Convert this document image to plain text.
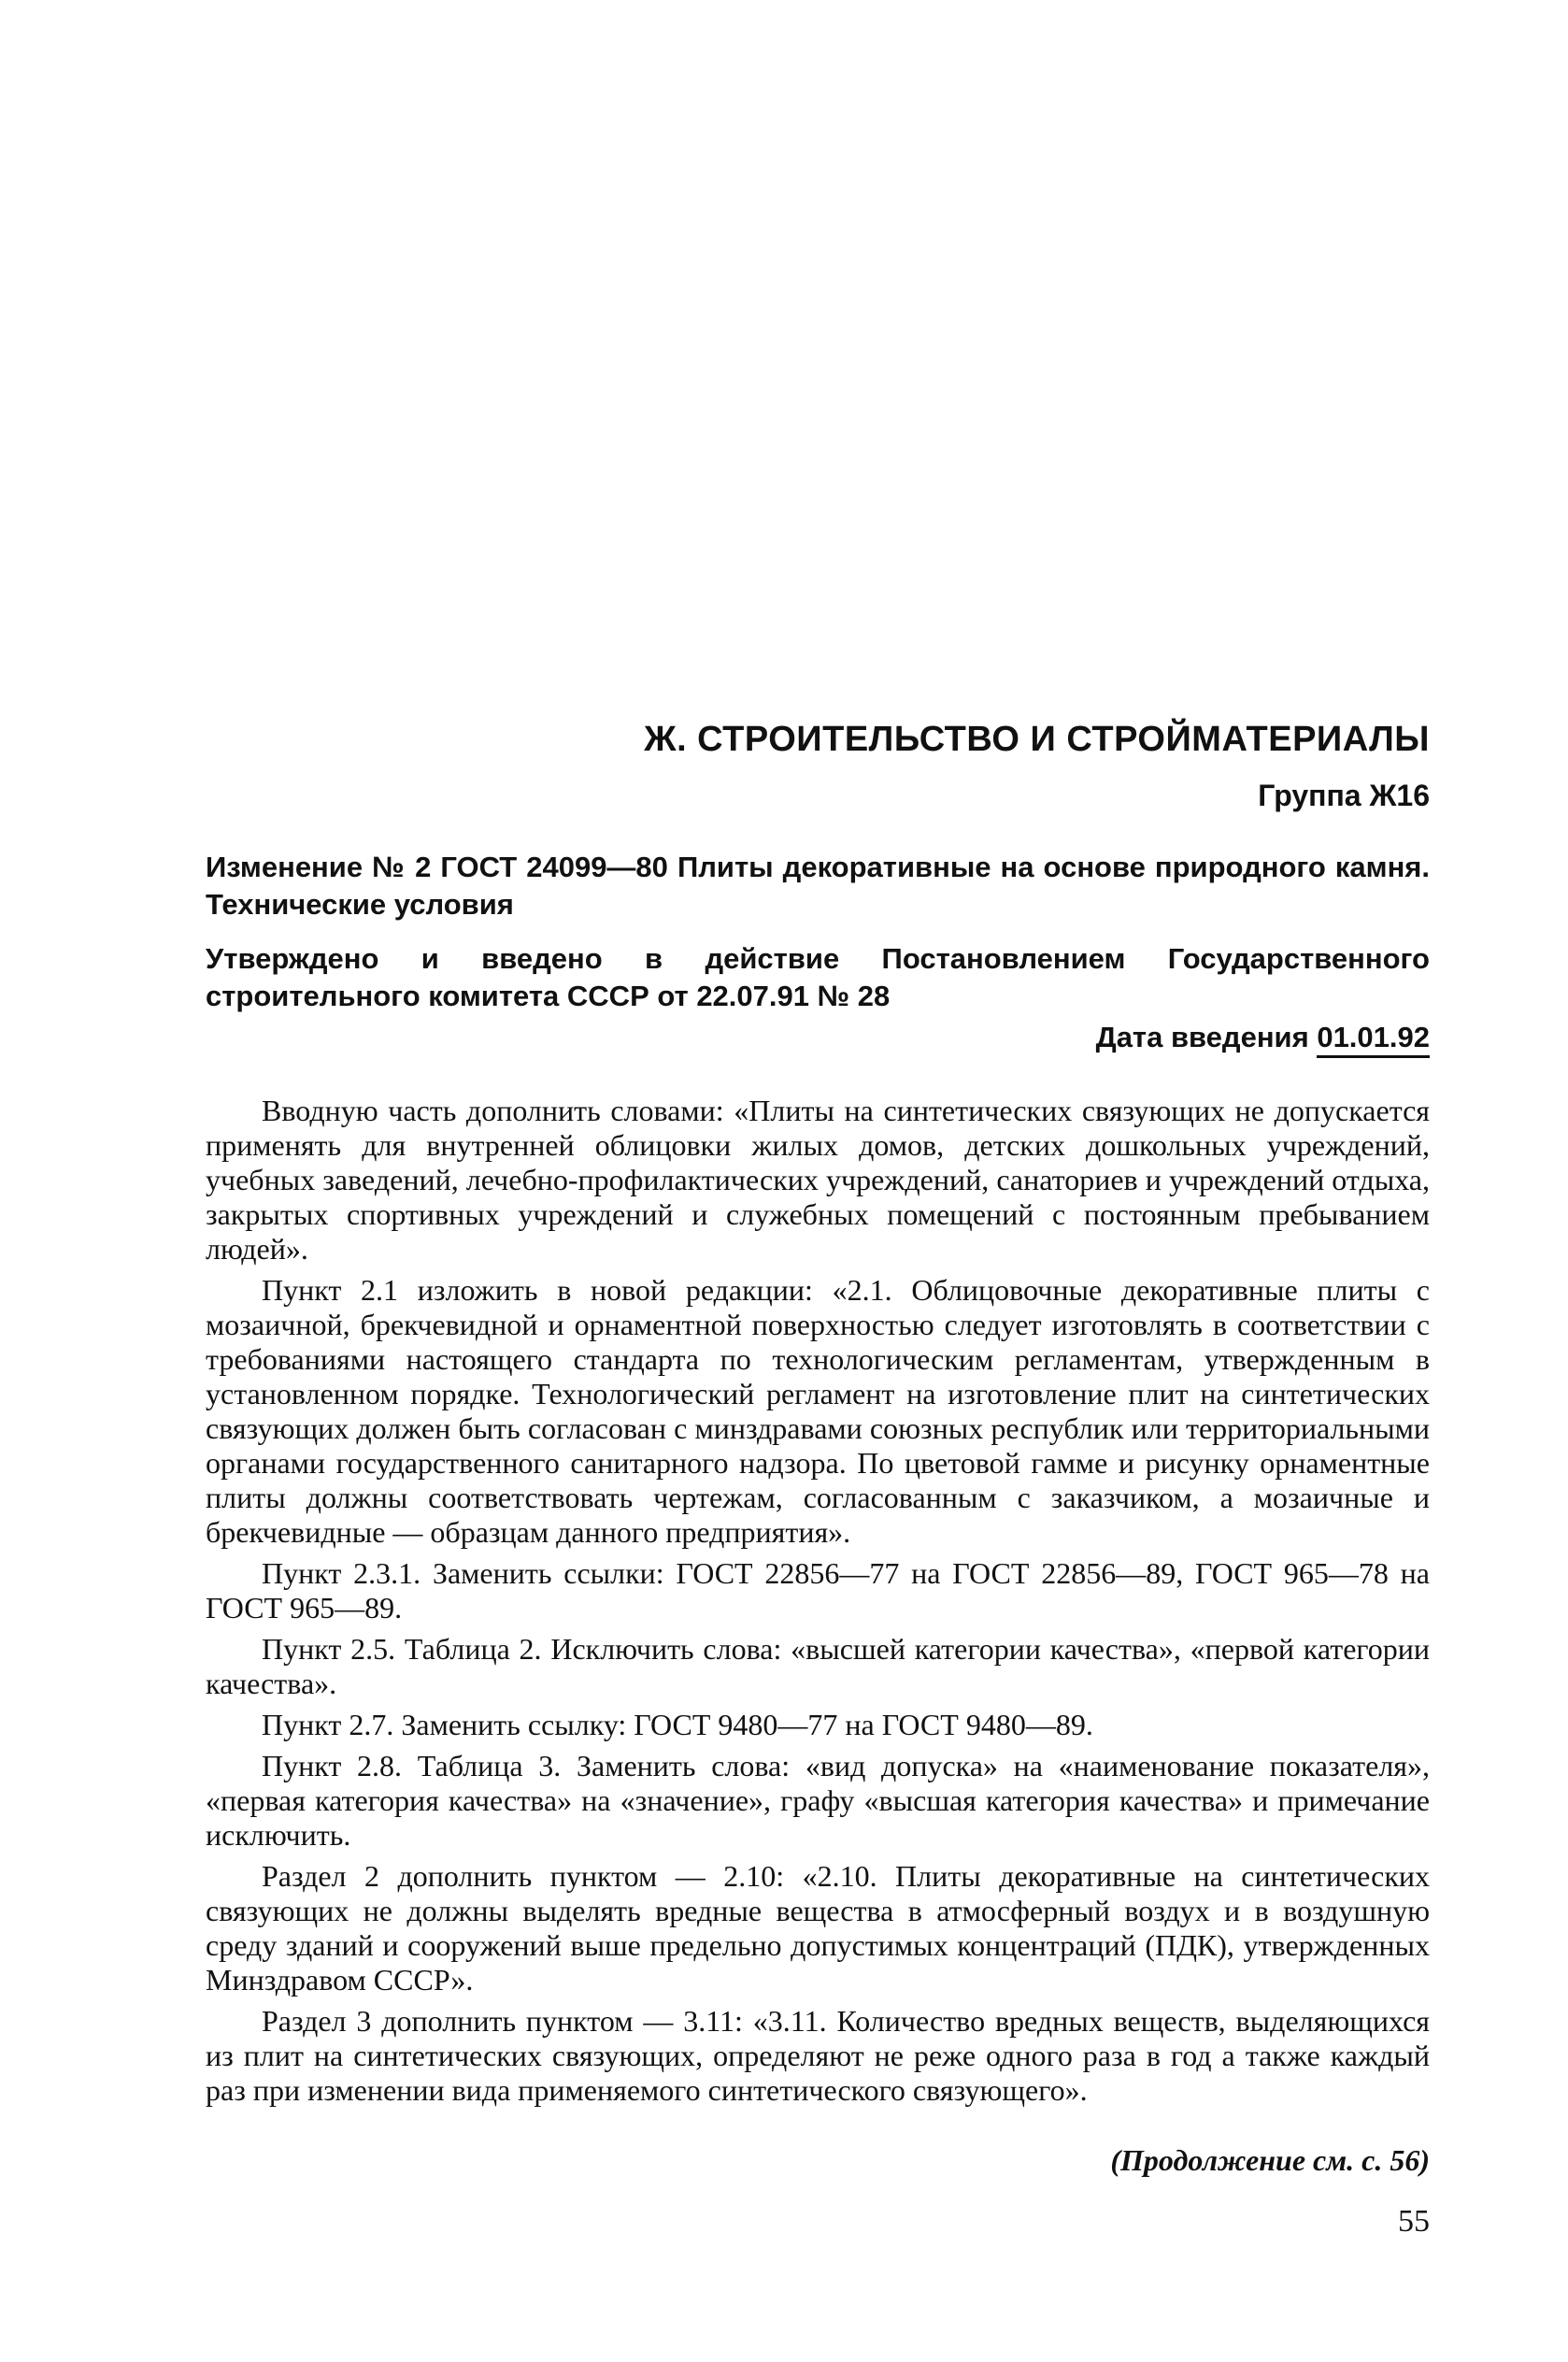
Ж. СТРОИТЕЛЬСТВО И СТРОЙМАТЕРИАЛЫ

Группа Ж16

Изменение № 2 ГОСТ 24099—80 Плиты декоративные на основе природного камня. Технические условия

Утверждено и введено в действие Постановлением Государственного строительного комитета СССР от 22.07.91 № 28

Дата введения 01.01.92

Вводную часть дополнить словами: «Плиты на синтетических связующих не допускается применять для внутренней облицовки жилых домов, детских дошкольных учреждений, учебных заведений, лечебно-профилактических учреждений, санаториев и учреждений отдыха, закрытых спортивных учреждений и служебных помещений с постоянным пребыванием людей».

Пункт 2.1 изложить в новой редакции: «2.1. Облицовочные декоративные плиты с мозаичной, брекчевидной и орнаментной поверхностью следует изготовлять в соответствии с требованиями настоящего стандарта по технологическим регламентам, утвержденным в установленном порядке. Технологический регламент на изготовление плит на синтетических связующих должен быть согласован с минздравами союзных республик или территориальными органами государственного санитарного надзора. По цветовой гамме и рисунку орнаментные плиты должны соответствовать чертежам, согласованным с заказчиком, а мозаичные и брекчевидные — образцам данного предприятия».

Пункт 2.3.1. Заменить ссылки: ГОСТ 22856—77 на ГОСТ 22856—89, ГОСТ 965—78 на ГОСТ 965—89.

Пункт 2.5. Таблица 2. Исключить слова: «высшей категории качества», «первой категории качества».

Пункт 2.7. Заменить ссылку: ГОСТ 9480—77 на ГОСТ 9480—89.

Пункт 2.8. Таблица 3. Заменить слова: «вид допуска» на «наименование показателя», «первая категория качества» на «значение», графу «высшая категория качества» и примечание исключить.

Раздел 2 дополнить пунктом — 2.10: «2.10. Плиты декоративные на синтетических связующих не должны выделять вредные вещества в атмосферный воздух и в воздушную среду зданий и сооружений выше предельно допустимых концентраций (ПДК), утвержденных Минздравом СССР».

Раздел 3 дополнить пунктом — 3.11: «3.11. Количество вредных веществ, выделяющихся из плит на синтетических связующих, определяют не реже одного раза в год а также каждый раз при изменении вида применяемого синтетического связующего».

(Продолжение см. с. 56)

55
